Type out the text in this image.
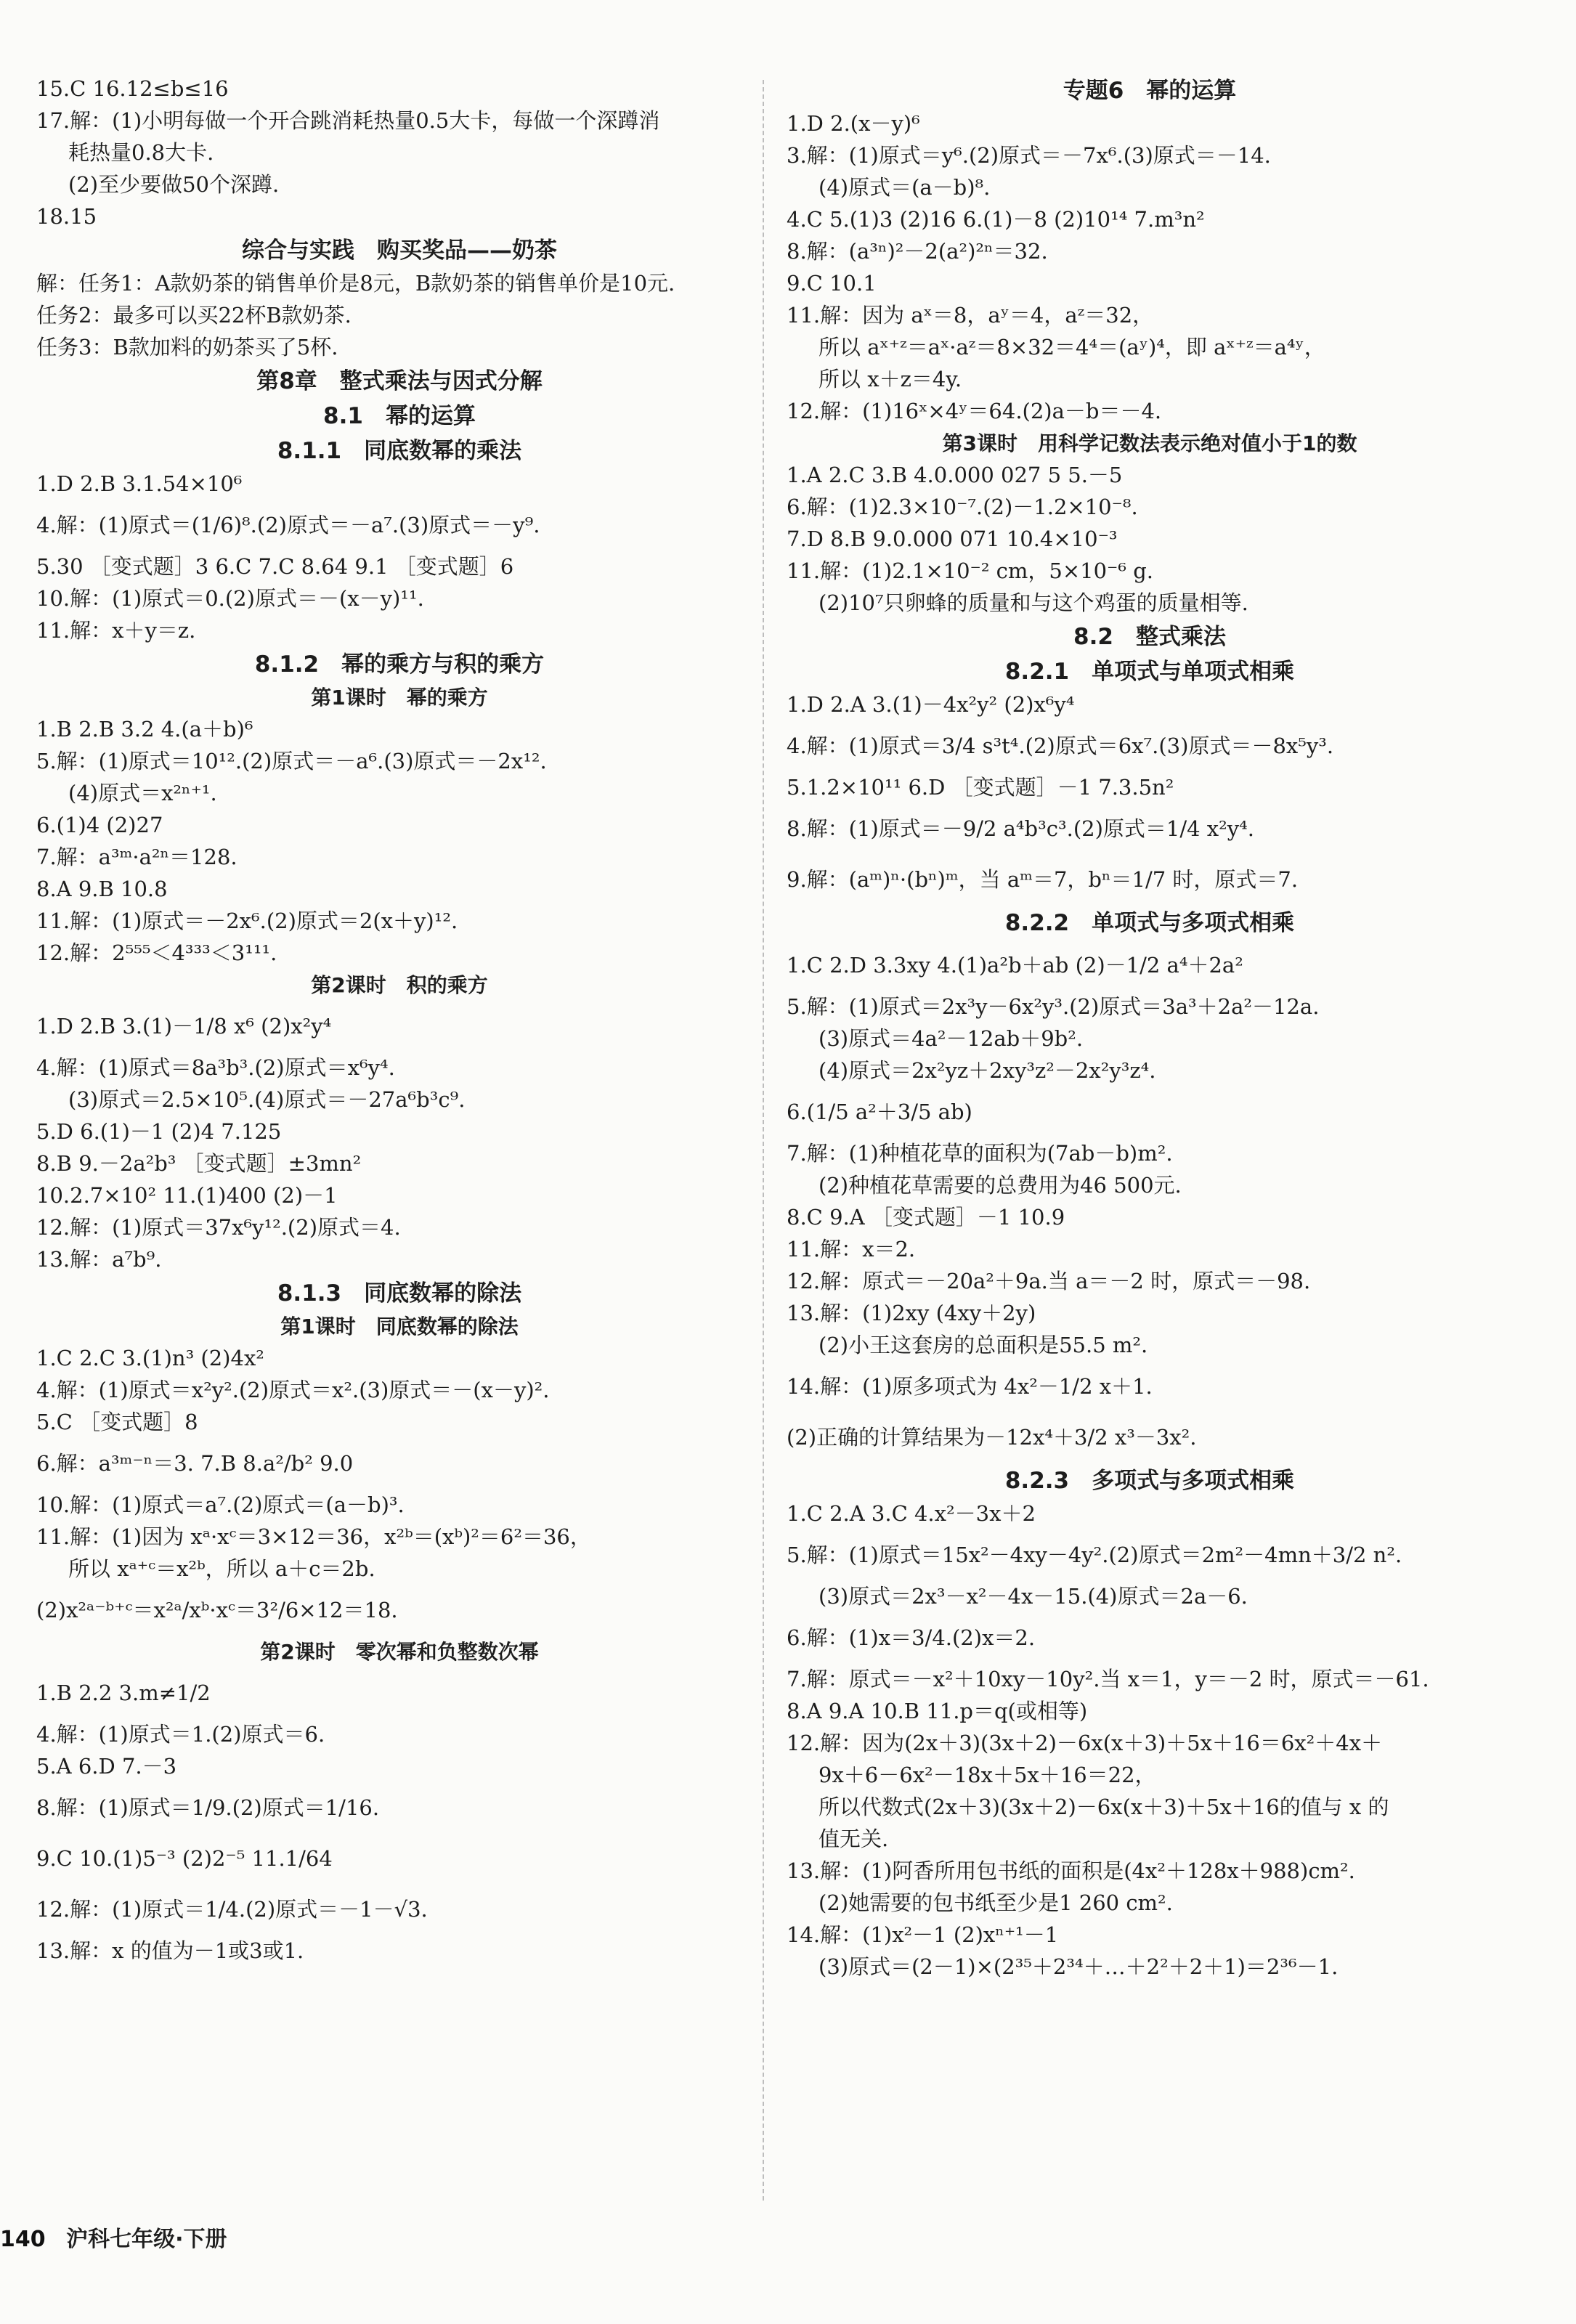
15.C 16.12≤b≤16
17.解：(1)小明每做一个开合跳消耗热量0.5大卡，每做一个深蹲消
耗热量0.8大卡.
(2)至少要做50个深蹲.
18.15
综合与实践　购买奖品——奶茶
解：任务1：A款奶茶的销售单价是8元，B款奶茶的销售单价是10元.
任务2：最多可以买22杯B款奶茶.
任务3：B款加料的奶茶买了5杯.
第8章　整式乘法与因式分解
8.1　幂的运算
8.1.1　同底数幂的乘法
1.D 2.B 3.1.54×10⁶
4.解：(1)原式＝(1/6)⁸.(2)原式＝－a⁷.(3)原式＝－y⁹.
5.30 ［变式题］3 6.C 7.C 8.64 9.1 ［变式题］6
10.解：(1)原式＝0.(2)原式＝－(x－y)¹¹.
11.解：x＋y＝z.
8.1.2　幂的乘方与积的乘方
第1课时　幂的乘方
1.B 2.B 3.2 4.(a＋b)⁶
5.解：(1)原式＝10¹².(2)原式＝－a⁶.(3)原式＝－2x¹².
(4)原式＝x²ⁿ⁺¹.
6.(1)4 (2)27
7.解：a³ᵐ·a²ⁿ＝128.
8.A 9.B 10.8
11.解：(1)原式＝－2x⁶.(2)原式＝2(x＋y)¹².
12.解：2⁵⁵⁵＜4³³³＜3¹¹¹.
第2课时　积的乘方
1.D 2.B 3.(1)－1/8 x⁶ (2)x²y⁴
4.解：(1)原式＝8a³b³.(2)原式＝x⁶y⁴.
(3)原式＝2.5×10⁵.(4)原式＝－27a⁶b³c⁹.
5.D 6.(1)－1 (2)4 7.125
8.B 9.－2a²b³ ［变式题］±3mn²
10.2.7×10² 11.(1)400 (2)－1
12.解：(1)原式＝37x⁶y¹².(2)原式＝4.
13.解：a⁷b⁹.
8.1.3　同底数幂的除法
第1课时　同底数幂的除法
1.C 2.C 3.(1)n³ (2)4x²
4.解：(1)原式＝x²y².(2)原式＝x².(3)原式＝－(x－y)².
5.C ［变式题］8
6.解：a³ᵐ⁻ⁿ＝3. 7.B 8.a²/b² 9.0
10.解：(1)原式＝a⁷.(2)原式＝(a－b)³.
11.解：(1)因为 xᵃ·xᶜ＝3×12＝36，x²ᵇ＝(xᵇ)²＝6²＝36，
所以 xᵃ⁺ᶜ＝x²ᵇ，所以 a＋c＝2b.
(2)x²ᵃ⁻ᵇ⁺ᶜ＝x²ᵃ/xᵇ·xᶜ＝3²/6×12＝18.
第2课时　零次幂和负整数次幂
1.B 2.2 3.m≠1/2
4.解：(1)原式＝1.(2)原式＝6.
5.A 6.D 7.－3
8.解：(1)原式＝1/9.(2)原式＝1/16.
9.C 10.(1)5⁻³ (2)2⁻⁵ 11.1/64
12.解：(1)原式＝1/4.(2)原式＝－1－√3.
13.解：x 的值为－1或3或1.
专题6　幂的运算
1.D 2.(x－y)⁶
3.解：(1)原式＝y⁶.(2)原式＝－7x⁶.(3)原式＝－14.
(4)原式＝(a－b)⁸.
4.C 5.(1)3 (2)16 6.(1)－8 (2)10¹⁴ 7.m³n²
8.解：(a³ⁿ)²－2(a²)²ⁿ＝32.
9.C 10.1
11.解：因为 aˣ＝8，aʸ＝4，aᶻ＝32，
所以 aˣ⁺ᶻ＝aˣ·aᶻ＝8×32＝4⁴＝(aʸ)⁴，即 aˣ⁺ᶻ＝a⁴ʸ，
所以 x＋z＝4y.
12.解：(1)16ˣ×4ʸ＝64.(2)a－b＝－4.
第3课时　用科学记数法表示绝对值小于1的数
1.A 2.C 3.B 4.0.000 027 5 5.－5
6.解：(1)2.3×10⁻⁷.(2)－1.2×10⁻⁸.
7.D 8.B 9.0.000 071 10.4×10⁻³
11.解：(1)2.1×10⁻² cm，5×10⁻⁶ g.
(2)10⁷只卵蜂的质量和与这个鸡蛋的质量相等.
8.2　整式乘法
8.2.1　单项式与单项式相乘
1.D 2.A 3.(1)－4x²y² (2)x⁶y⁴
4.解：(1)原式＝3/4 s³t⁴.(2)原式＝6x⁷.(3)原式＝－8x⁵y³.
5.1.2×10¹¹ 6.D ［变式题］－1 7.3.5n²
8.解：(1)原式＝－9/2 a⁴b³c³.(2)原式＝1/4 x²y⁴.
9.解：(aᵐ)ⁿ·(bⁿ)ᵐ，当 aᵐ＝7，bⁿ＝1/7 时，原式＝7.
8.2.2　单项式与多项式相乘
1.C 2.D 3.3xy 4.(1)a²b＋ab (2)－1/2 a⁴＋2a²
5.解：(1)原式＝2x³y－6x²y³.(2)原式＝3a³＋2a²－12a.
(3)原式＝4a²－12ab＋9b².
(4)原式＝2x²yz＋2xy³z²－2x²y³z⁴.
6.(1/5 a²＋3/5 ab)
7.解：(1)种植花草的面积为(7ab－b)m².
(2)种植花草需要的总费用为46 500元.
8.C 9.A ［变式题］－1 10.9
11.解：x＝2.
12.解：原式＝－20a²＋9a.当 a＝－2 时，原式＝－98.
13.解：(1)2xy (4xy＋2y)
(2)小王这套房的总面积是55.5 m².
14.解：(1)原多项式为 4x²－1/2 x＋1.
(2)正确的计算结果为－12x⁴＋3/2 x³－3x².
8.2.3　多项式与多项式相乘
1.C 2.A 3.C 4.x²－3x＋2
5.解：(1)原式＝15x²－4xy－4y².(2)原式＝2m²－4mn＋3/2 n².
(3)原式＝2x³－x²－4x－15.(4)原式＝2a－6.
6.解：(1)x＝3/4.(2)x＝2.
7.解：原式＝－x²＋10xy－10y².当 x＝1，y＝－2 时，原式＝－61.
8.A 9.A 10.B 11.p＝q(或相等)
12.解：因为(2x＋3)(3x＋2)－6x(x＋3)＋5x＋16＝6x²＋4x＋
9x＋6－6x²－18x＋5x＋16＝22，
所以代数式(2x＋3)(3x＋2)－6x(x＋3)＋5x＋16的值与 x 的
值无关.
13.解：(1)阿香所用包书纸的面积是(4x²＋128x＋988)cm².
(2)她需要的包书纸至少是1 260 cm².
14.解：(1)x²－1 (2)xⁿ⁺¹－1
(3)原式＝(2－1)×(2³⁵＋2³⁴＋…＋2²＋2＋1)＝2³⁶－1.
140 沪科七年级·下册
